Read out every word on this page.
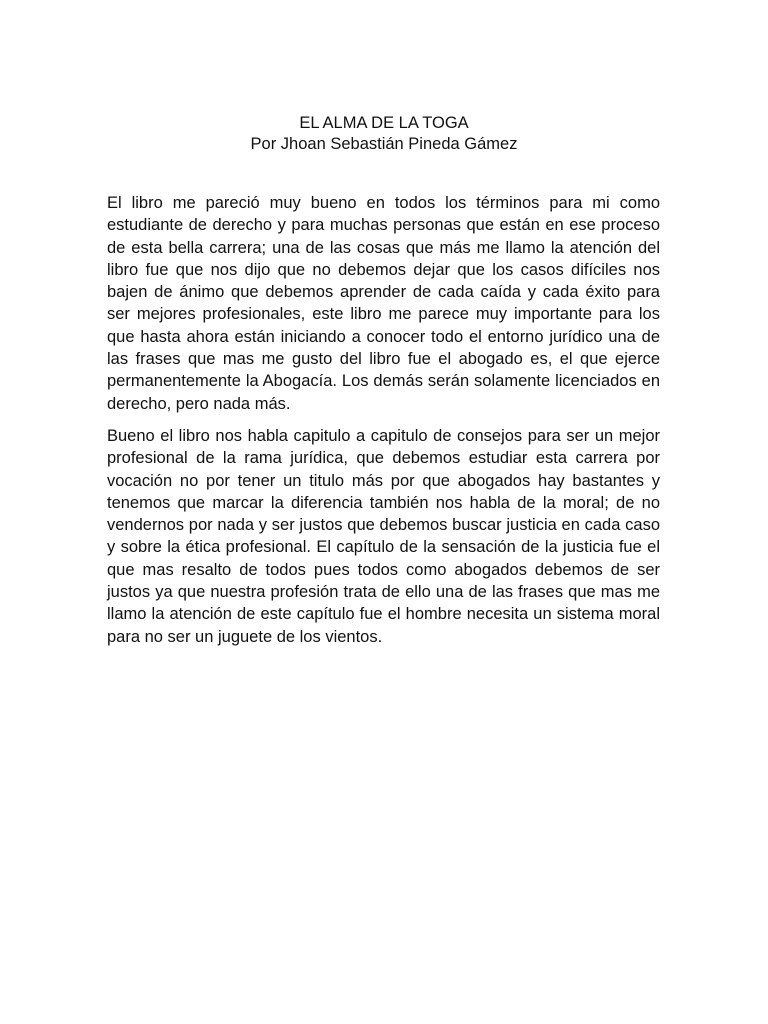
EL ALMA DE LA TOGA
Por Jhoan Sebastián Pineda Gámez

El libro me pareció muy bueno en todos los términos para mi como estudiante de derecho y para muchas personas que están en ese proceso de esta bella carrera; una de las cosas que más me llamo la atención del libro fue que nos dijo que no debemos dejar que los casos difíciles nos bajen de ánimo que debemos aprender de cada caída y cada éxito para ser mejores profesionales, este libro me parece muy importante para los que hasta ahora están iniciando a conocer todo el entorno jurídico una de las frases que mas me gusto del libro fue el abogado es, el que ejerce permanentemente la Abogacía. Los demás serán solamente licenciados en derecho, pero nada más.

Bueno el libro nos habla capitulo a capitulo de consejos para ser un mejor profesional de la rama jurídica, que debemos estudiar esta carrera por vocación no por tener un titulo más por que abogados hay bastantes y tenemos que marcar la diferencia también nos habla de la moral; de no vendernos por nada y ser justos que debemos buscar justicia en cada caso y sobre la ética profesional. El capítulo de la sensación de la justicia fue el que mas resalto de todos pues todos como abogados debemos de ser justos ya que nuestra profesión trata de ello una de las frases que mas me llamo la atención de este capítulo fue el hombre necesita un sistema moral para no ser un juguete de los vientos.
